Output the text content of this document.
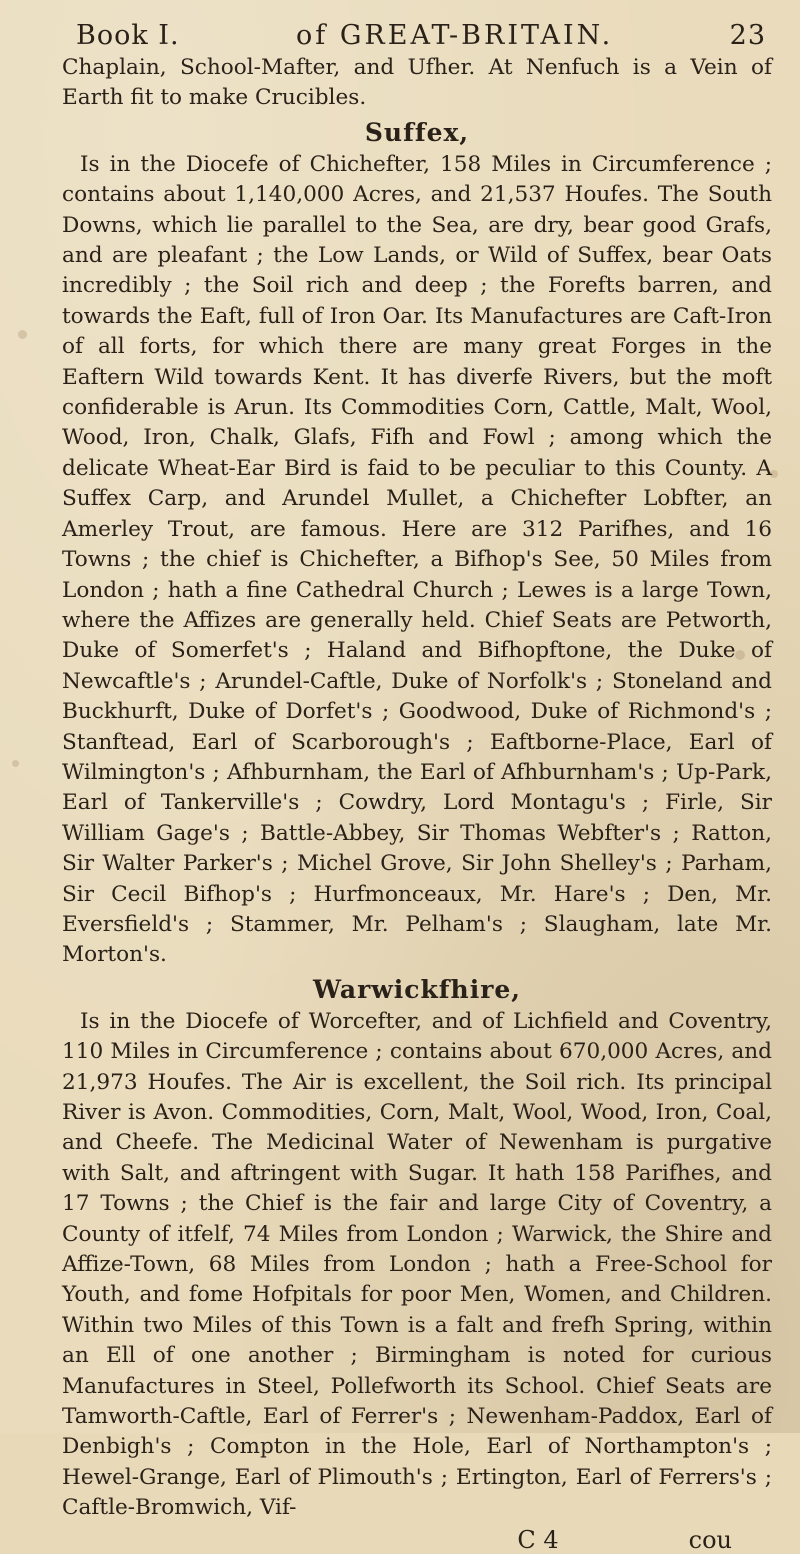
Book I.	of GREAT-BRITAIN.	23

Chaplain, School-Mafter, and Ufher. At Nenfuch is a Vein of Earth fit to make Crucibles.

Suffex,

Is in the Diocefe of Chichefter, 158 Miles in Circumference ; contains about 1,140,000 Acres, and 21,537 Houfes. The South Downs, which lie parallel to the Sea, are dry, bear good Grafs, and are pleafant ; the Low Lands, or Wild of Suffex, bear Oats incredibly ; the Soil rich and deep ; the Forefts barren, and towards the Eaft, full of Iron Oar. Its Manufactures are Caft-Iron of all forts, for which there are many great Forges in the Eaftern Wild towards Kent. It has diverfe Rivers, but the moft confiderable is Arun. Its Commodities Corn, Cattle, Malt, Wool, Wood, Iron, Chalk, Glafs, Fifh and Fowl ; among which the delicate Wheat-Ear Bird is faid to be peculiar to this County. A Suffex Carp, and Arundel Mullet, a Chichefter Lobfter, an Amerley Trout, are famous. Here are 312 Parifhes, and 16 Towns ; the chief is Chichefter, a Bifhop's See, 50 Miles from London ; hath a fine Cathedral Church ; Lewes is a large Town, where the Affizes are generally held. Chief Seats are Petworth, Duke of Somerfet's ; Haland and Bifhopftone, the Duke of Newcaftle's ; Arundel-Caftle, Duke of Norfolk's ; Stoneland and Buckhurft, Duke of Dorfet's ; Goodwood, Duke of Richmond's ; Stanftead, Earl of Scarborough's ; Eaftborne-Place, Earl of Wilmington's ; Afhburnham, the Earl of Afhburnham's ; Up-Park, Earl of Tankerville's ; Cowdry, Lord Montagu's ; Firle, Sir William Gage's ; Battle-Abbey, Sir Thomas Webfter's ; Ratton, Sir Walter Parker's ; Michel Grove, Sir John Shelley's ; Parham, Sir Cecil Bifhop's ; Hurfmonceaux, Mr. Hare's ; Den, Mr. Eversfield's ; Stammer, Mr. Pelham's ; Slaugham, late Mr. Morton's.

Warwickfhire,

Is in the Diocefe of Worcefter, and of Lichfield and Coventry, 110 Miles in Circumference ; contains about 670,000 Acres, and 21,973 Houfes. The Air is excellent, the Soil rich. Its principal River is Avon. Commodities, Corn, Malt, Wool, Wood, Iron, Coal, and Cheefe. The Medicinal Water of Newenham is purgative with Salt, and aftringent with Sugar. It hath 158 Parifhes, and 17 Towns ; the Chief is the fair and large City of Coventry, a County of itfelf, 74 Miles from London ; Warwick, the Shire and Affize-Town, 68 Miles from London ; hath a Free-School for Youth, and fome Hofpitals for poor Men, Women, and Children. Within two Miles of this Town is a falt and frefh Spring, within an Ell of one another ; Birmingham is noted for curious Manufactures in Steel, Pollefworth its School. Chief Seats are Tamworth-Caftle, Earl of Ferrer's ; Newenham-Paddox, Earl of Denbigh's ; Compton in the Hole, Earl of Northampton's ; Hewel-Grange, Earl of Plimouth's ; Ertington, Earl of Ferrers's ; Caftle-Bromwich, Vif-

C 4	cou
